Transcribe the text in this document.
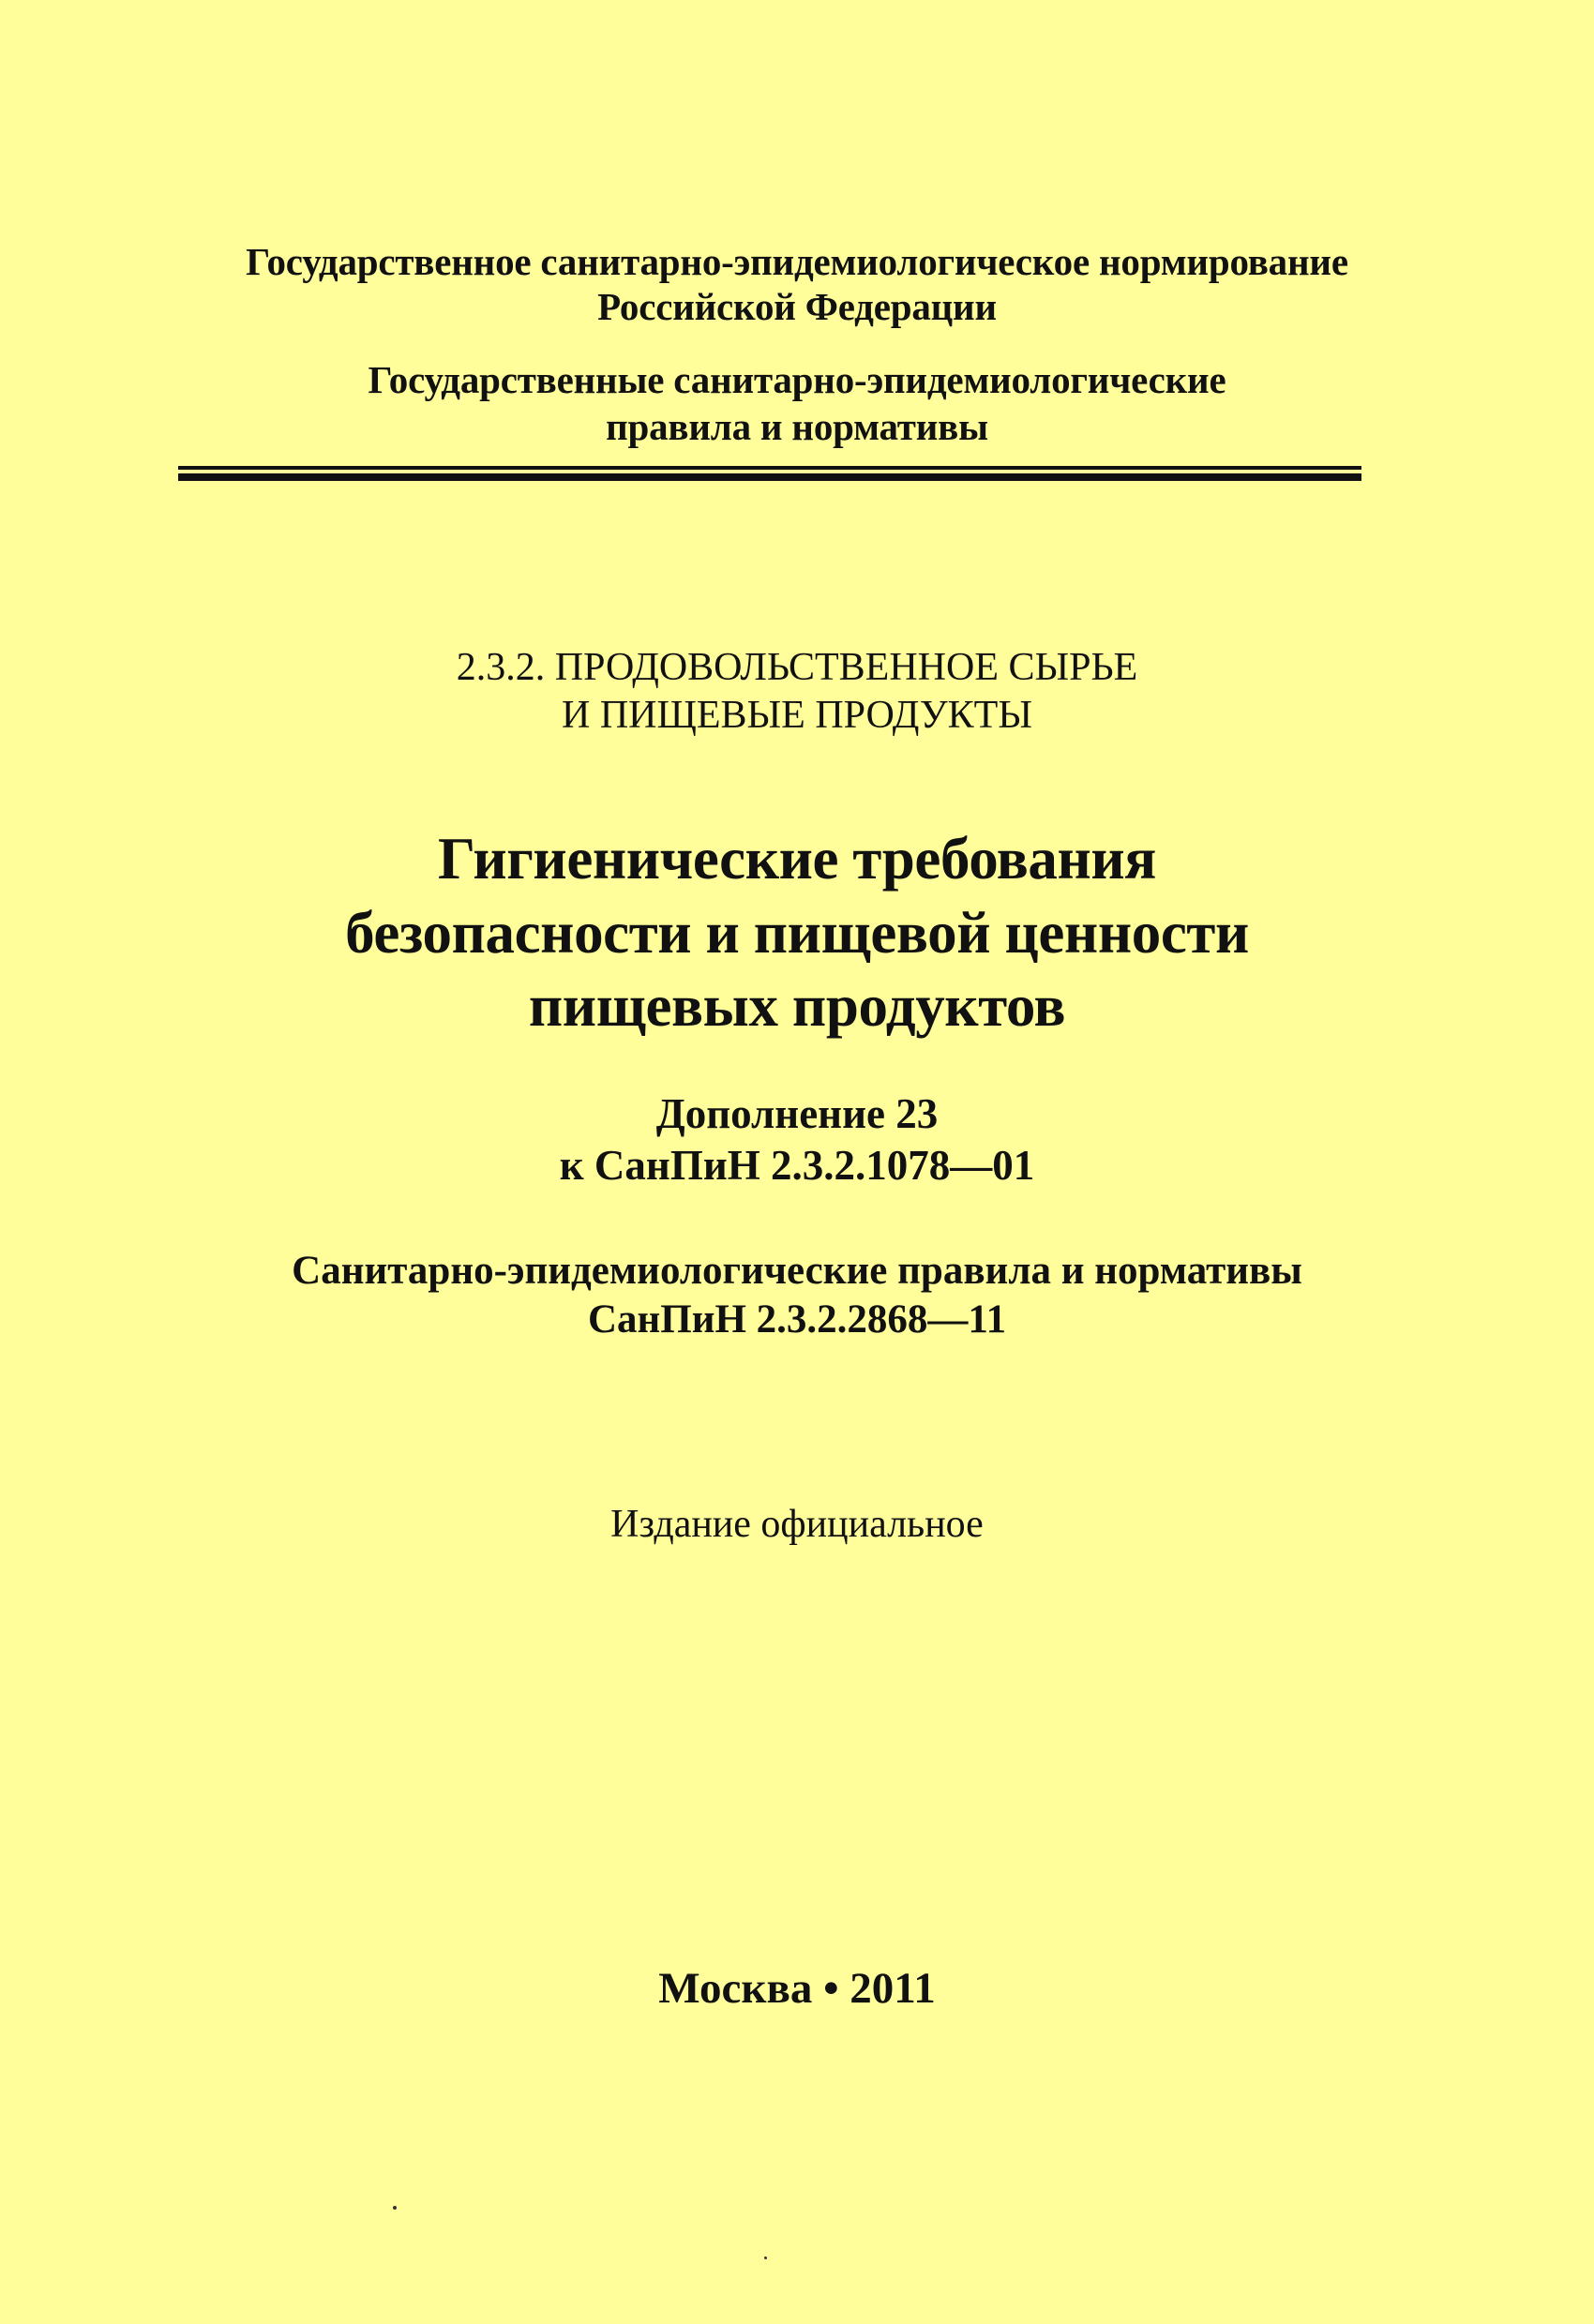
Государственное санитарно-эпидемиологическое нормирование
Российской Федерации
Государственные санитарно-эпидемиологические
правила и нормативы
2.3.2. ПРОДОВОЛЬСТВЕННОЕ СЫРЬЕ
И ПИЩЕВЫЕ ПРОДУКТЫ
Гигиенические требования
безопасности и пищевой ценности
пищевых продуктов
Дополнение 23
к СанПиН 2.3.2.1078—01
Санитарно-эпидемиологические правила и нормативы
СанПиН 2.3.2.2868—11
Издание официальное
Москва • 2011
